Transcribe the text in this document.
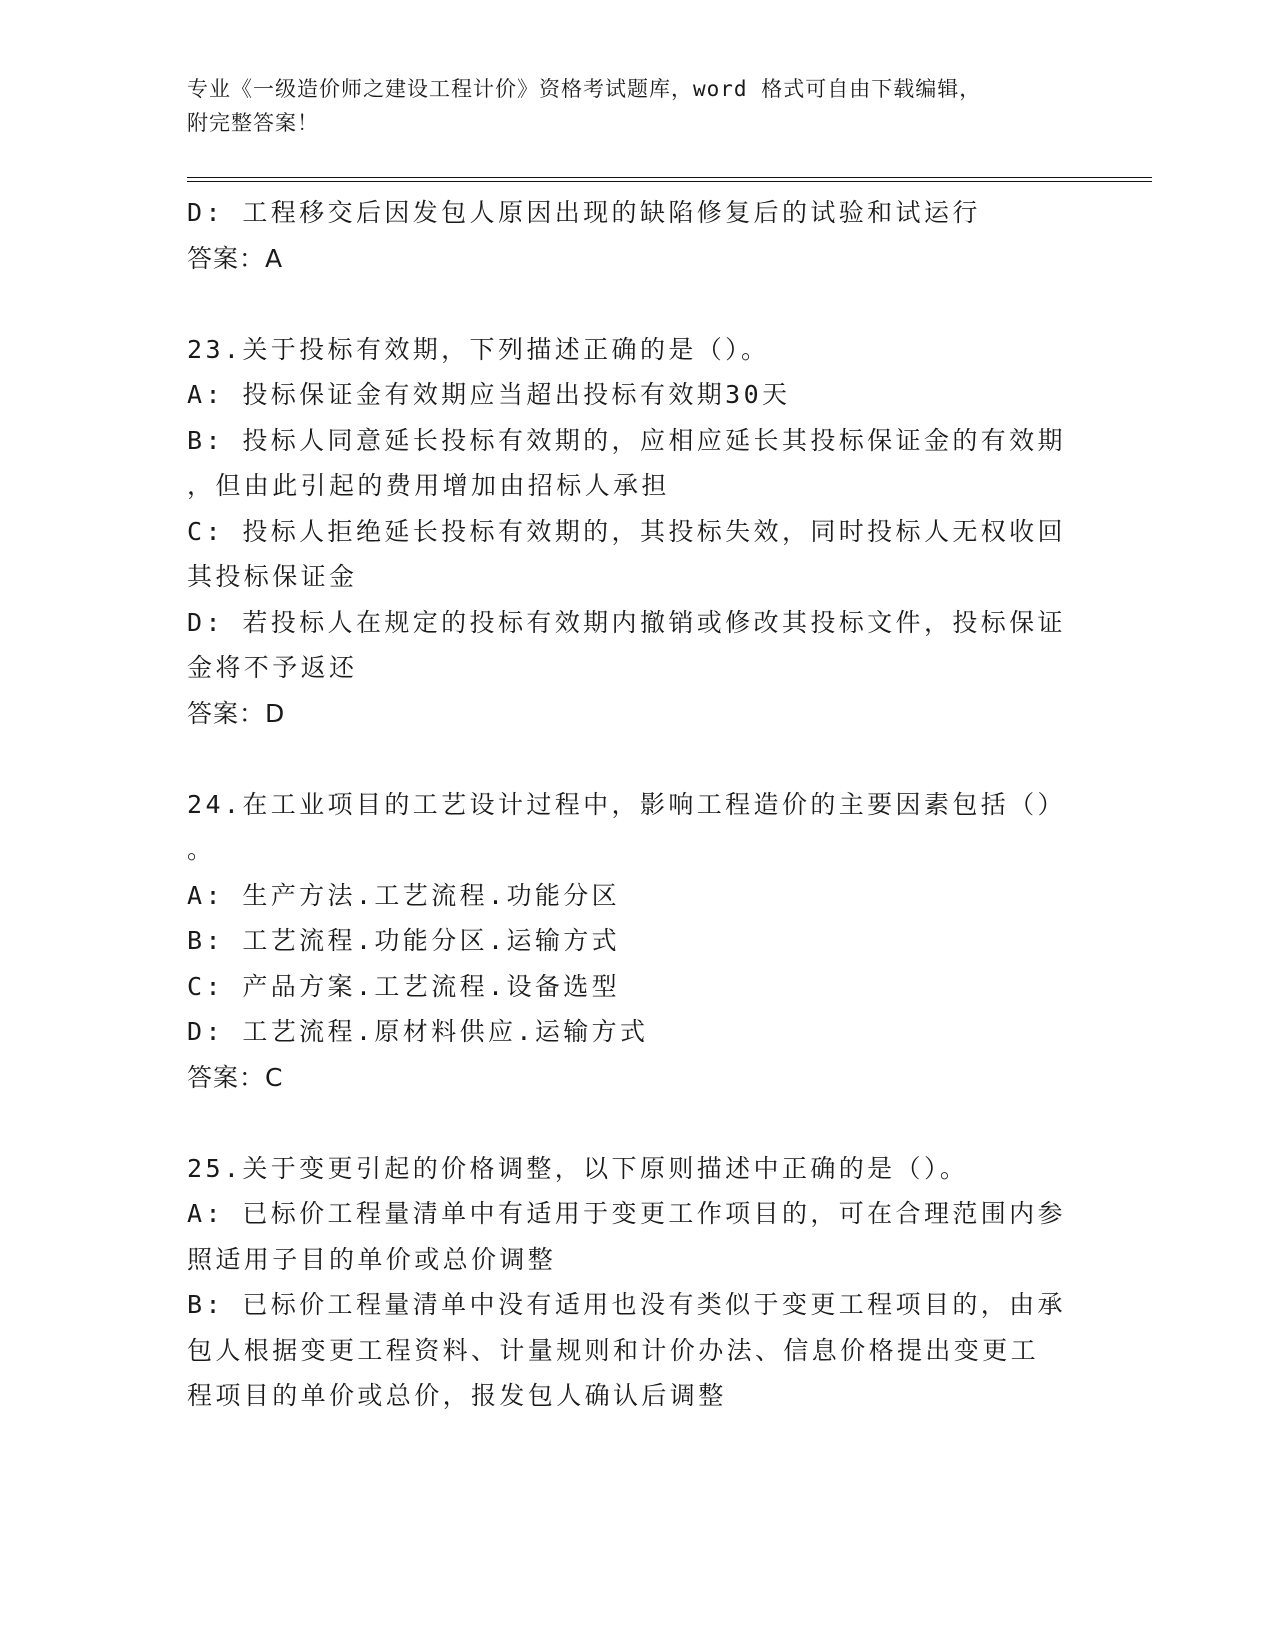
专业《一级造价师之建设工程计价》资格考试题库，word 格式可自由下载编辑，
附完整答案！
D: 工程移交后因发包人原因出现的缺陷修复后的试验和试运行
答案：A
23.关于投标有效期，下列描述正确的是（）。
A: 投标保证金有效期应当超出投标有效期30天
B: 投标人同意延长投标有效期的，应相应延长其投标保证金的有效期
，但由此引起的费用增加由招标人承担
C: 投标人拒绝延长投标有效期的，其投标失效，同时投标人无权收回
其投标保证金
D: 若投标人在规定的投标有效期内撤销或修改其投标文件，投标保证
金将不予返还
答案：D
24.在工业项目的工艺设计过程中，影响工程造价的主要因素包括（）
。
A: 生产方法.工艺流程.功能分区
B: 工艺流程.功能分区.运输方式
C: 产品方案.工艺流程.设备选型
D: 工艺流程.原材料供应.运输方式
答案：C
25.关于变更引起的价格调整，以下原则描述中正确的是（）。
A: 已标价工程量清单中有适用于变更工作项目的，可在合理范围内参
照适用子目的单价或总价调整
B: 已标价工程量清单中没有适用也没有类似于变更工程项目的，由承
包人根据变更工程资料、计量规则和计价办法、信息价格提出变更工
程项目的单价或总价，报发包人确认后调整
